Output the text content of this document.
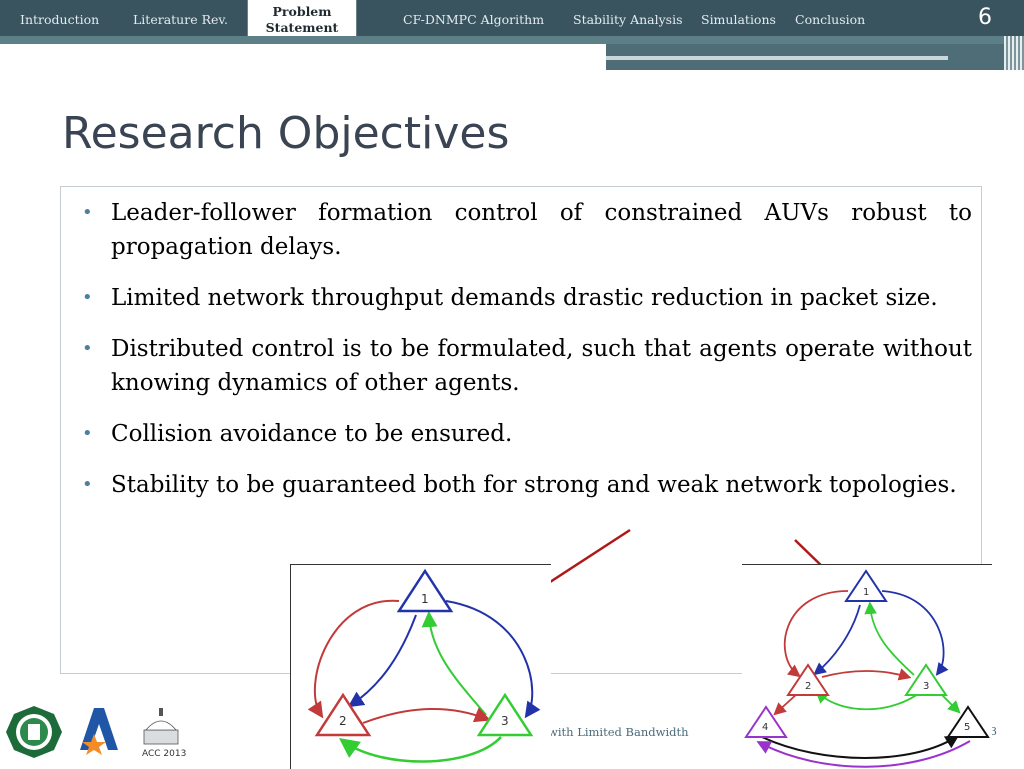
Introduction	Literature Rev.
Problem
Statement
CF-DNMPC Algorithm Stability Analysis Simulations Conclusion	6
Research Objectives
• Leader-follower formation control of constrained AUVs robust to propagation delays.
• Limited network throughput demands drastic reduction in packet size.
• Distributed control is to be formulated, such that agents operate without knowing dynamics of other agents.
• Collision avoidance to be ensured.
• Stability to be guaranteed both for strong and weak network topologies.
ACC 2013
with Limited Bandwidth	3
1
2	3
1
2	3
4	5
